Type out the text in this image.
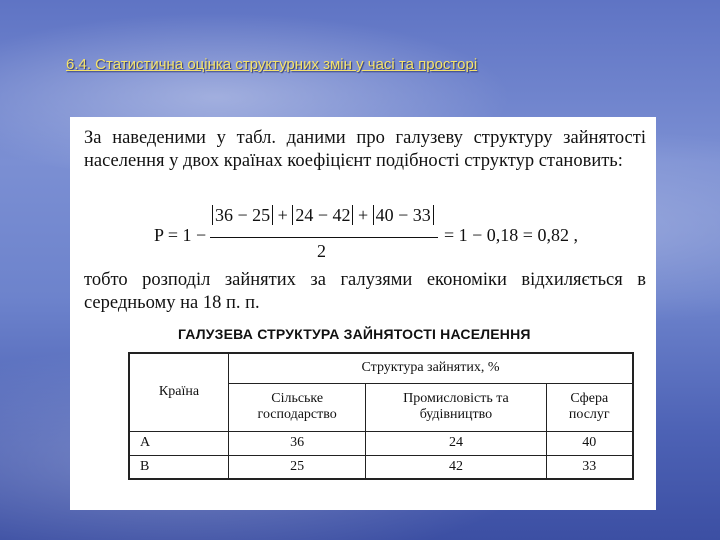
6.4. Статистична оцінка структурних змін у часі та просторі
За наведеними у табл. даними про галузеву структуру зайнятості населення у двох країнах коефіцієнт подібності структур становить:
P = 1 −
36 − 25 + 24 − 42 + 40 − 33
2
= 1 − 0,18 = 0,82 ,
тобто розподіл зайнятих за галузями економіки відхиляється в середньому на 18 п. п.
ГАЛУЗЕВА СТРУКТУРА ЗАЙНЯТОСТІ НАСЕЛЕННЯ
Країна	Структура зайнятих, %		
	Сільське господарство	Промисловість та будівництво	Сфера послуг
A	36	24	40
B	25	42	33
